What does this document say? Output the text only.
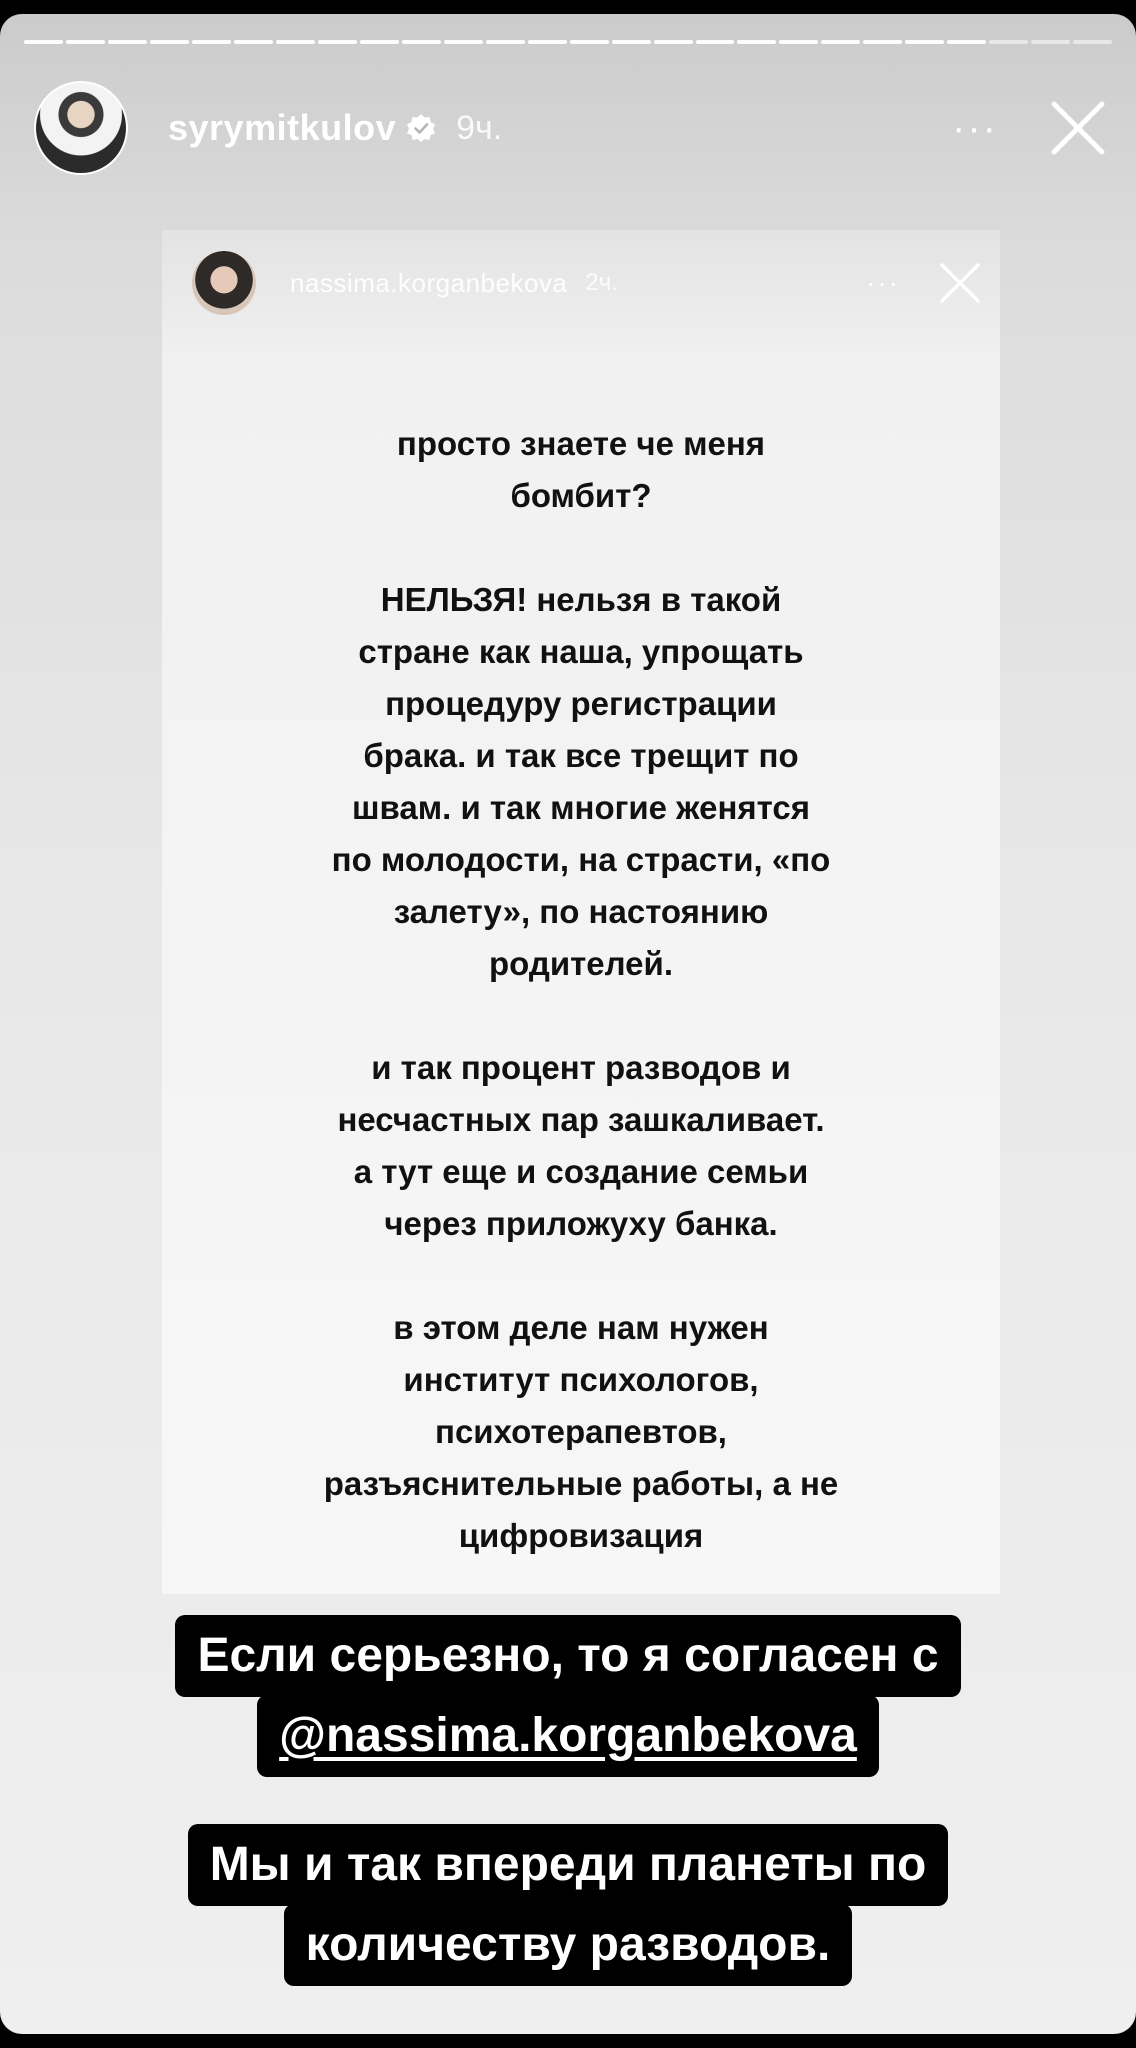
syrymitkulov 9ч.	···
nassima.korganbekova 2ч.	···

просто знаете че меня
бомбит?

НЕЛЬЗЯ! нельзя в такой
стране как наша, упрощать
процедуру регистрации
брака. и так все трещит по
швам. и так многие женятся
по молодости, на страсти, «по
залету», по настоянию
родителей.

и так процент разводов и
несчастных пар зашкаливает.
а тут еще и создание семьи
через приложуху банка.

в этом деле нам нужен
институт психологов,
психотерапевтов,
разъяснительные работы, а не
цифровизация

Если серьезно, то я согласен с
@nassima.korganbekova
Мы и так впереди планеты по
количеству разводов.
